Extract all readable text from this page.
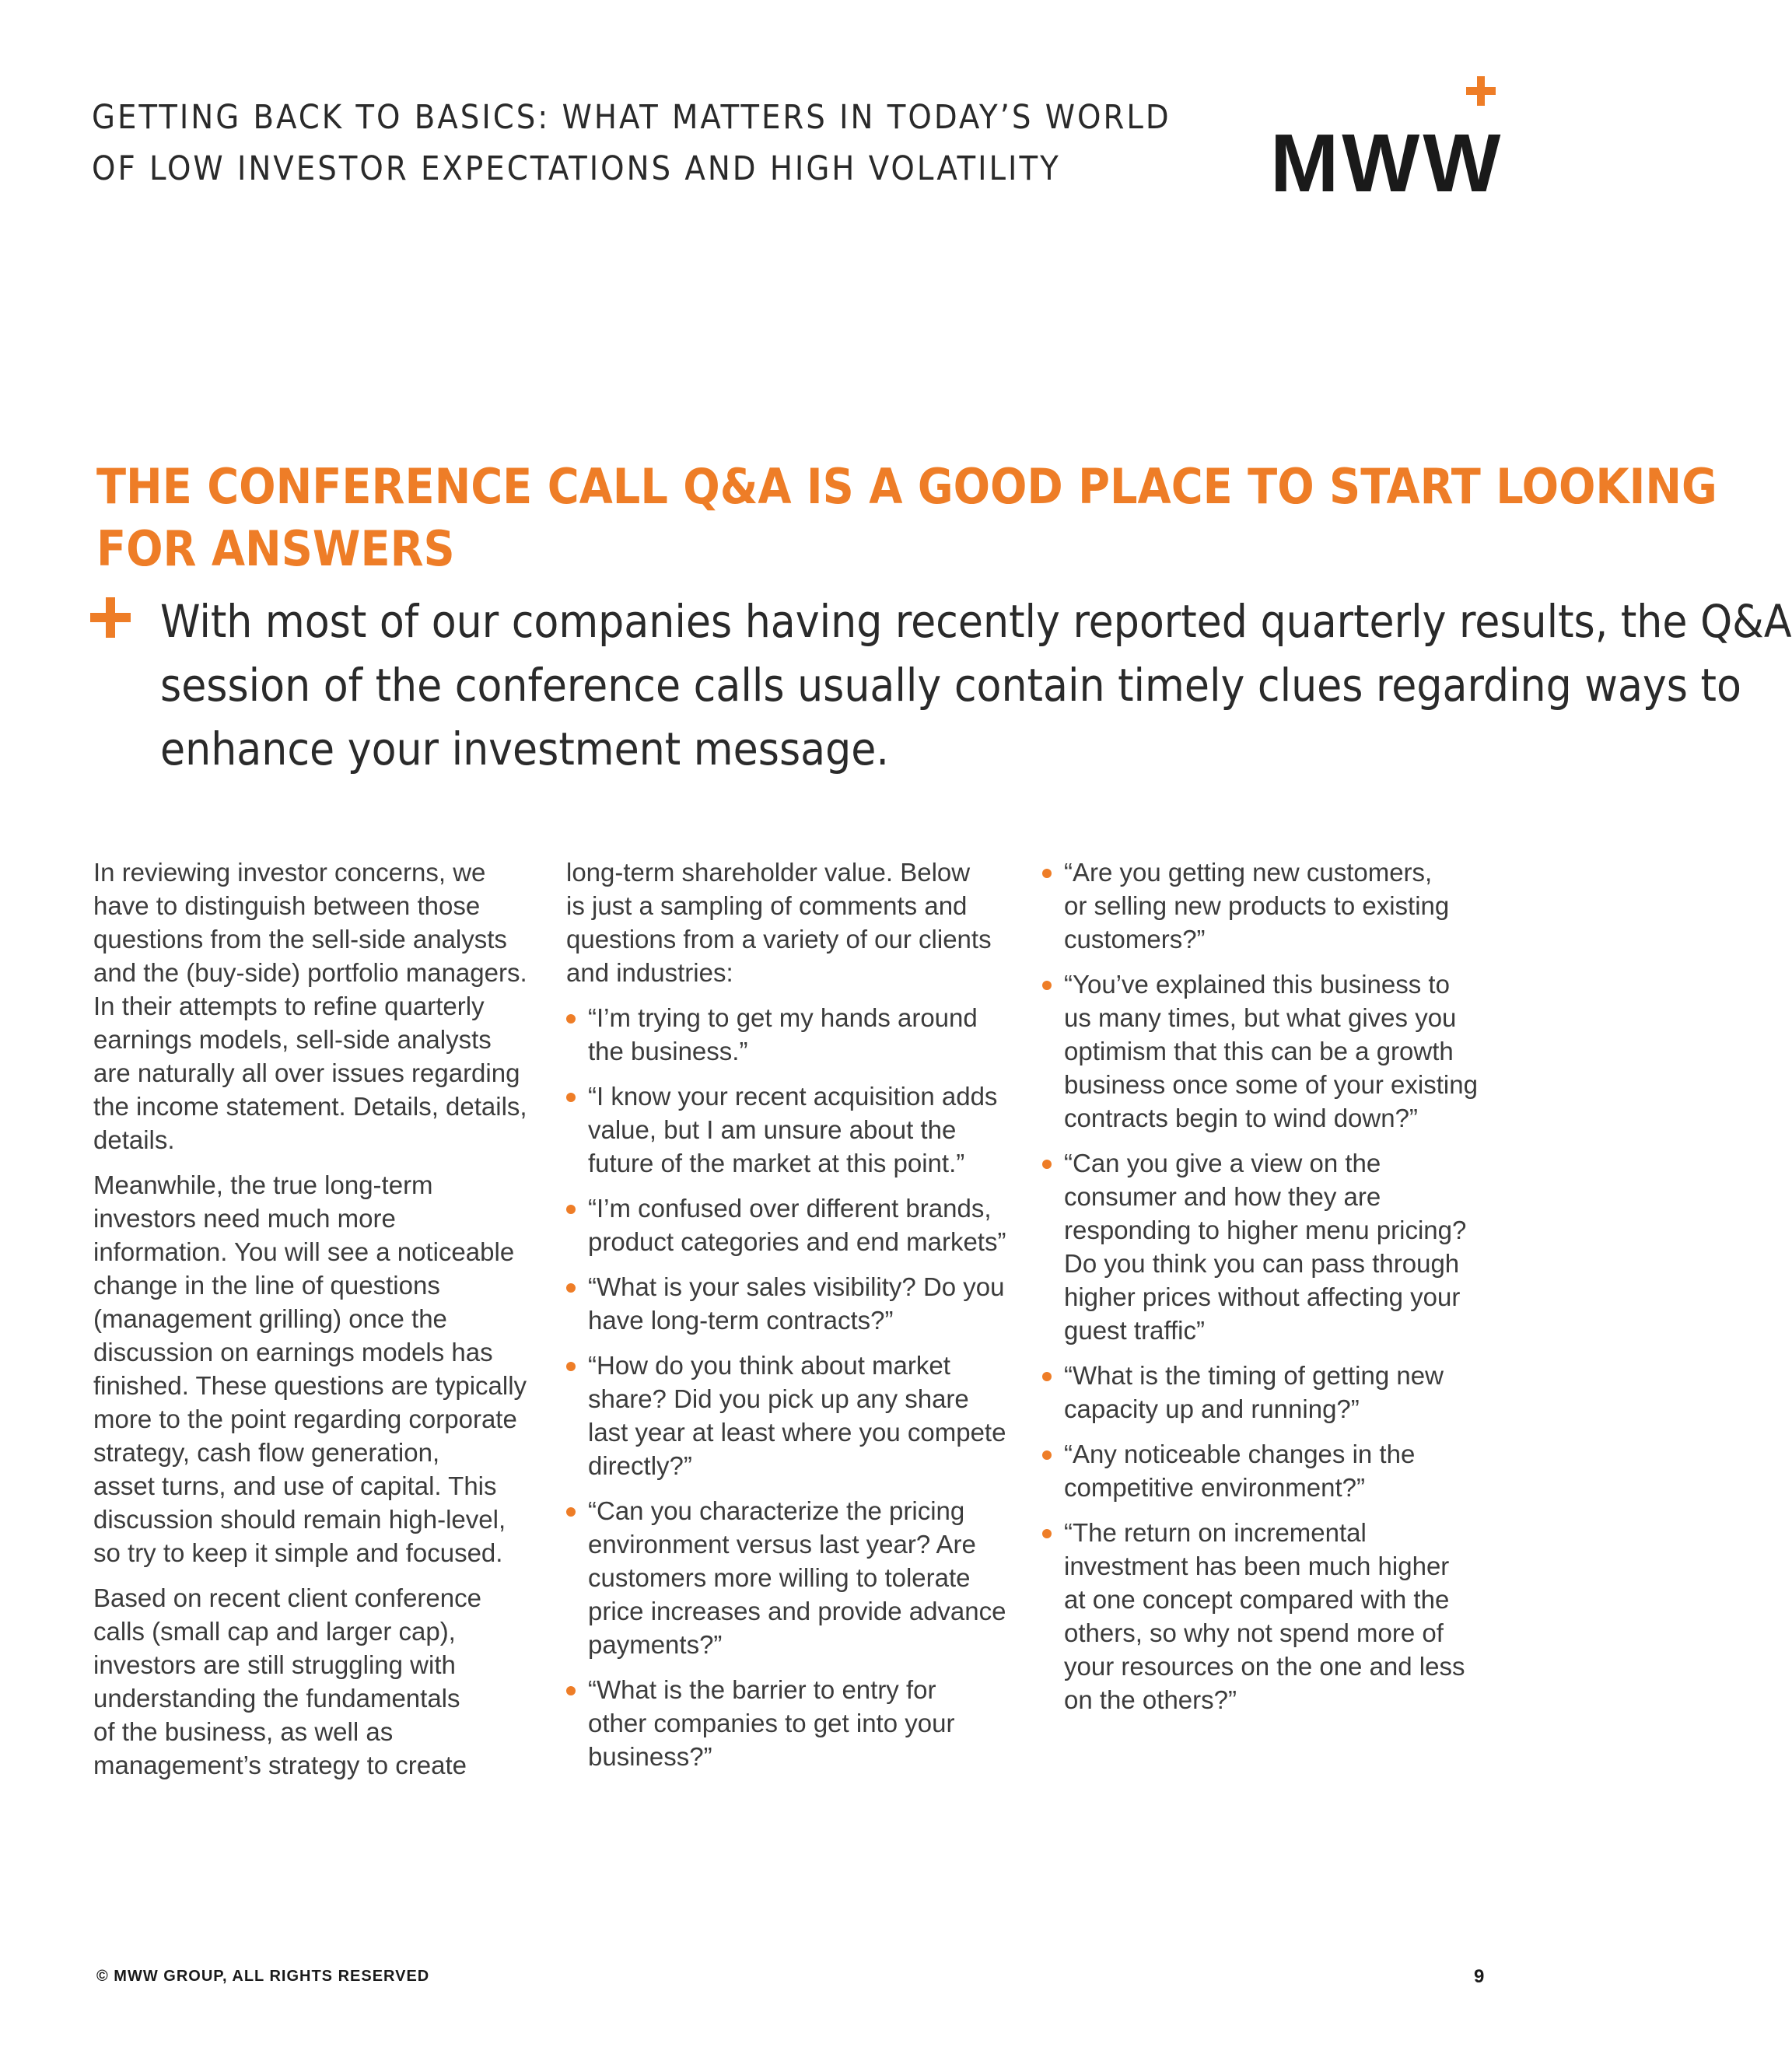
GETTING BACK TO BASICS: WHAT MATTERS IN TODAY’S WORLD
OF LOW INVESTOR EXPECTATIONS AND HIGH VOLATILITY	MWW
THE CONFERENCE CALL Q&A IS A GOOD PLACE TO START LOOKING
FOR ANSWERS
With most of our companies having recently reported quarterly results, the Q&A
session of the conference calls usually contain timely clues regarding ways to
enhance your investment message.

In reviewing investor concerns, we
have to distinguish between those
questions from the sell-side analysts
and the (buy-side) portfolio managers.
In their attempts to refine quarterly
earnings models, sell-side analysts
are naturally all over issues regarding
the income statement. Details, details,
details.

Meanwhile, the true long-term
investors need much more
information. You will see a noticeable
change in the line of questions
(management grilling) once the
discussion on earnings models has
finished. These questions are typically
more to the point regarding corporate
strategy, cash flow generation,
asset turns, and use of capital. This
discussion should remain high-level,
so try to keep it simple and focused.

Based on recent client conference
calls (small cap and larger cap),
investors are still struggling with
understanding the fundamentals
of the business, as well as
management’s strategy to create

long-term shareholder value. Below
is just a sampling of comments and
questions from a variety of our clients
and industries:

“I’m trying to get my hands around
the business.”
“I know your recent acquisition adds
value, but I am unsure about the
future of the market at this point.”
“I’m confused over different brands,
product categories and end markets”
“What is your sales visibility? Do you
have long-term contracts?”
“How do you think about market
share? Did you pick up any share
last year at least where you compete
directly?”
“Can you characterize the pricing
environment versus last year? Are
customers more willing to tolerate
price increases and provide advance
payments?”
“What is the barrier to entry for
other companies to get into your
business?”
“Are you getting new customers,
or selling new products to existing
customers?”
“You’ve explained this business to
us many times, but what gives you
optimism that this can be a growth
business once some of your existing
contracts begin to wind down?”
“Can you give a view on the
consumer and how they are
responding to higher menu pricing?
Do you think you can pass through
higher prices without affecting your
guest traffic”
“What is the timing of getting new
capacity up and running?”
“Any noticeable changes in the
competitive environment?”
“The return on incremental
investment has been much higher
at one concept compared with the
others, so why not spend more of
your resources on the one and less
on the others?”
© MWW GROUP, ALL RIGHTS RESERVED	9
